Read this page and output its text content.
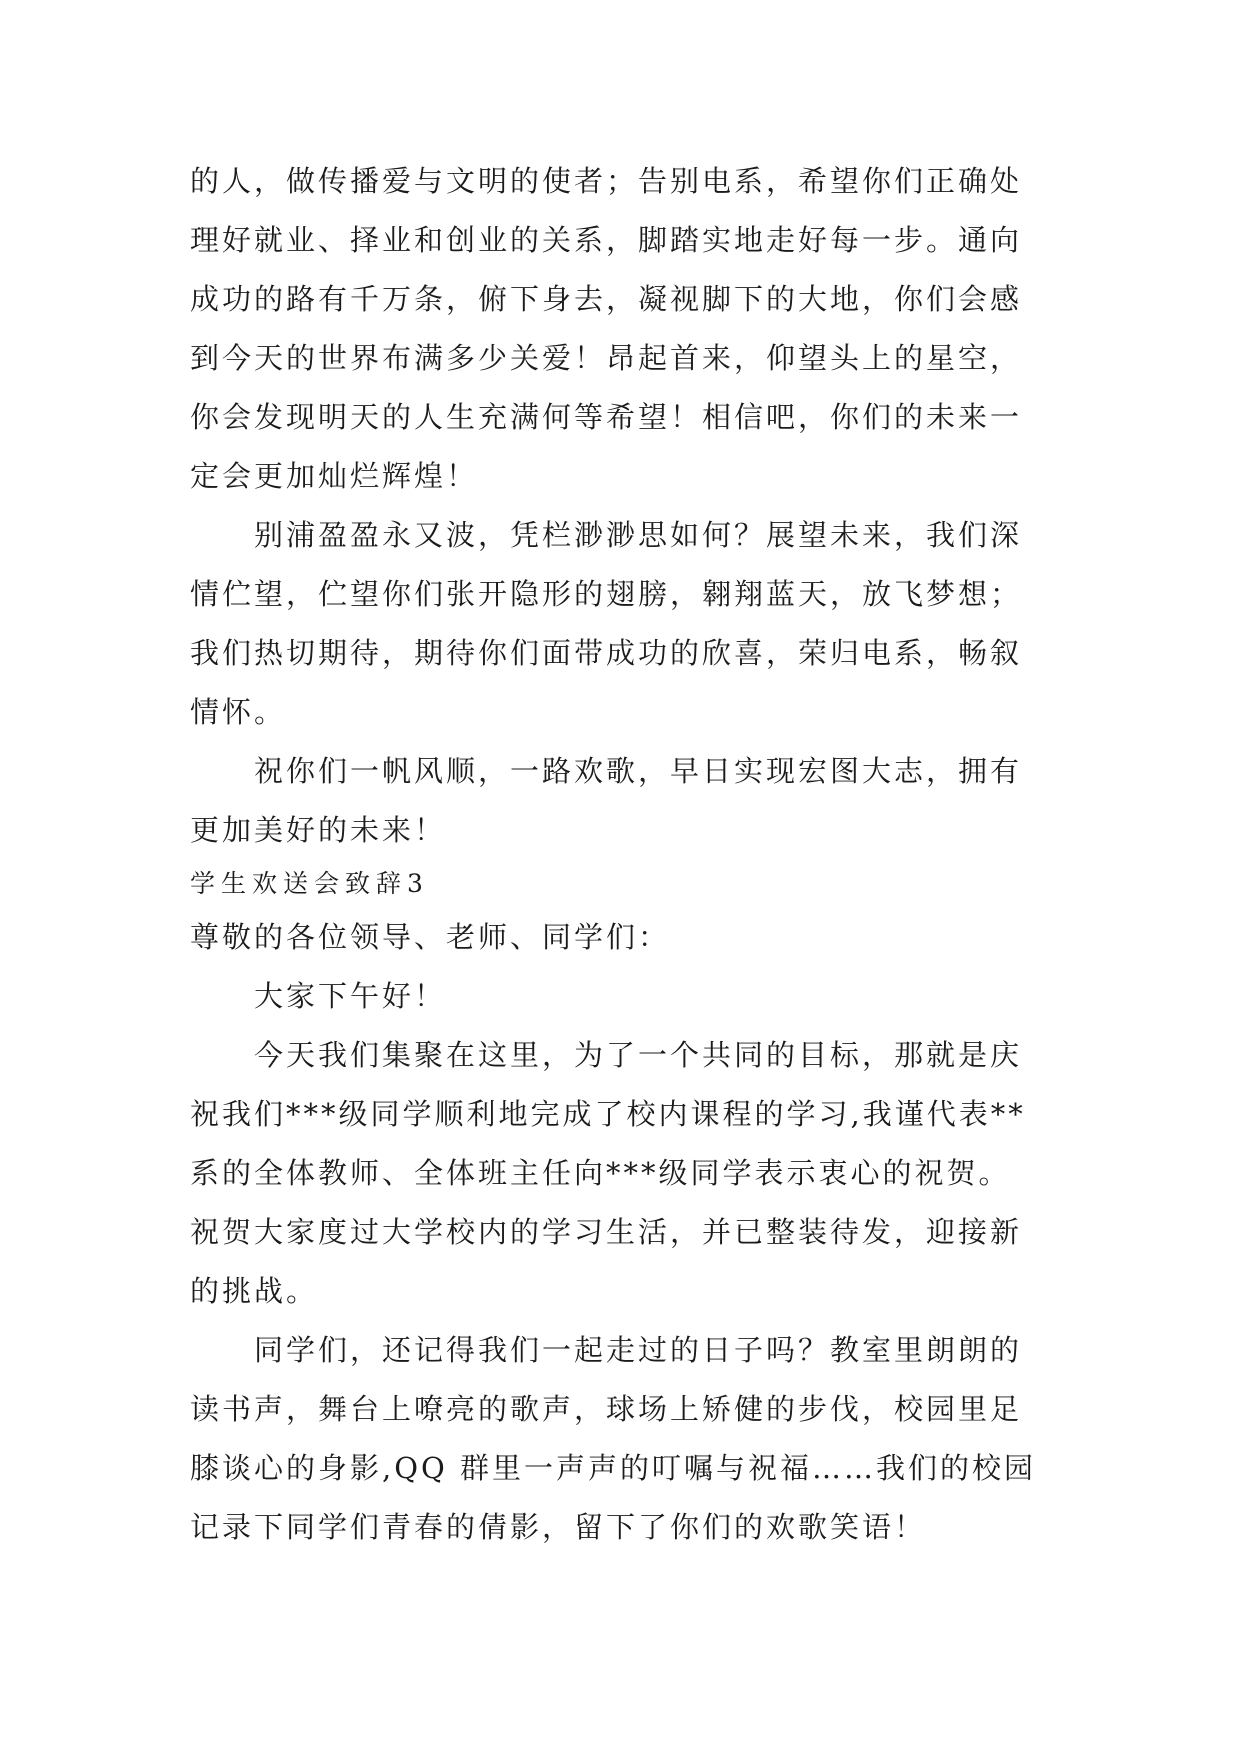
的人，做传播爱与文明的使者；告别电系，希望你们正确处
理好就业、择业和创业的关系，脚踏实地走好每一步。通向
成功的路有千万条，俯下身去，凝视脚下的大地，你们会感
到今天的世界布满多少关爱！昂起首来，仰望头上的星空，
你会发现明天的人生充满何等希望！相信吧，你们的未来一
定会更加灿烂辉煌！
别浦盈盈永又波，凭栏渺渺思如何？展望未来，我们深
情伫望，伫望你们张开隐形的翅膀，翱翔蓝天，放飞梦想；
我们热切期待，期待你们面带成功的欣喜，荣归电系，畅叙
情怀。
祝你们一帆风顺，一路欢歌，早日实现宏图大志，拥有
更加美好的未来！
学生欢送会致辞3
尊敬的各位领导、老师、同学们：
大家下午好！
今天我们集聚在这里，为了一个共同的目标，那就是庆
祝我们***级同学顺利地完成了校内课程的学习,我谨代表**
系的全体教师、全体班主任向***级同学表示衷心的祝贺。
祝贺大家度过大学校内的学习生活，并已整装待发，迎接新
的挑战。
同学们，还记得我们一起走过的日子吗？教室里朗朗的
读书声，舞台上嘹亮的歌声，球场上矫健的步伐，校园里足
膝谈心的身影,QQ 群里一声声的叮嘱与祝福……我们的校园
记录下同学们青春的倩影，留下了你们的欢歌笑语！
